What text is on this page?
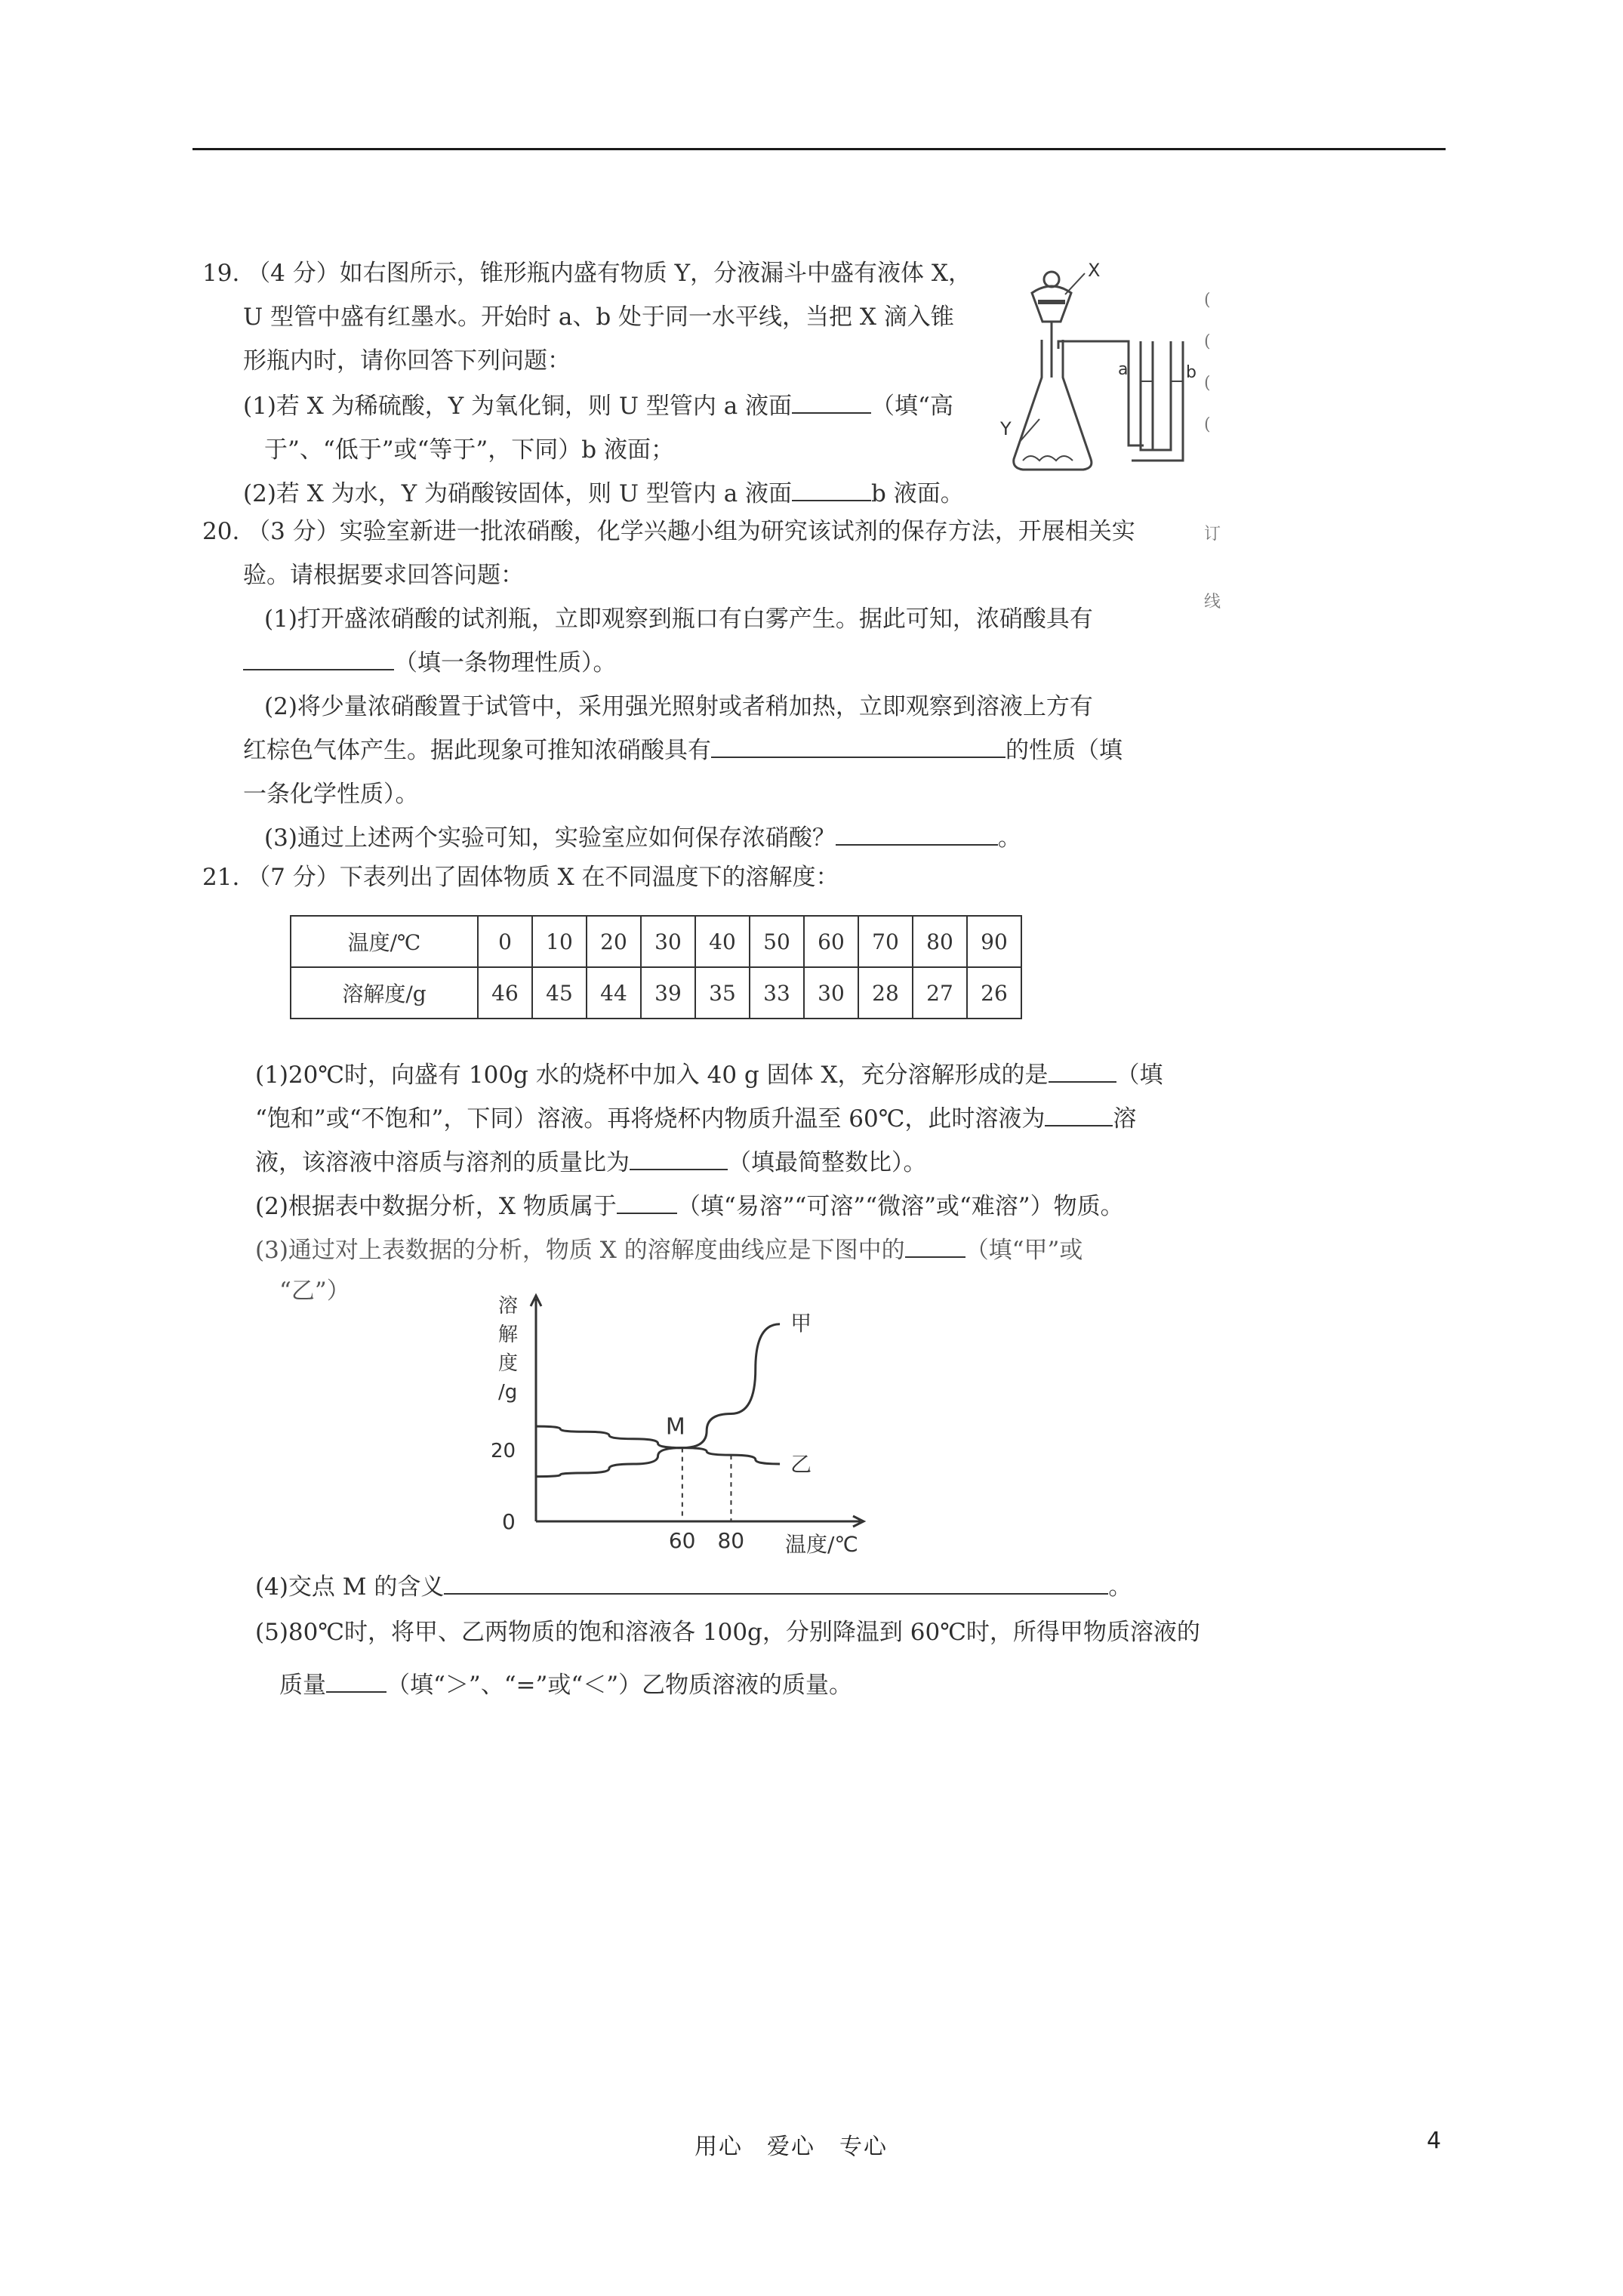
19. （4 分）如右图所示，锥形瓶内盛有物质 Y，分液漏斗中盛有液体 X，
U 型管中盛有红墨水。开始时 a、b 处于同一水平线，当把 X 滴入锥
形瓶内时，请你回答下列问题：
(1)若 X 为稀硫酸，Y 为氧化铜，则 U 型管内 a 液面	（填“高
于”、“低于”或“等于”，下同）b 液面；
(2)若 X 为水，Y 为硝酸铵固体，则 U 型管内 a 液面	b 液面。
X
Y
a	b
20. （3 分）实验室新进一批浓硝酸，化学兴趣小组为研究该试剂的保存方法，开展相关实
验。请根据要求回答问题：
(1)打开盛浓硝酸的试剂瓶，立即观察到瓶口有白雾产生。据此可知，浓硝酸具有
（填一条物理性质）。
(2)将少量浓硝酸置于试管中，采用强光照射或者稍加热，立即观察到溶液上方有
红棕色气体产生。据此现象可推知浓硝酸具有	的性质（填
一条化学性质）。
(3)通过上述两个实验可知，实验室应如何保存浓硝酸？	。
21. （7 分）下表列出了固体物质 X 在不同温度下的溶解度：
温度/℃	0	10	20	30	40	50	60	70	80	90
溶解度/g	46	45	44	39	35	33	30	28	27	26
(1)20℃时，向盛有 100g 水的烧杯中加入 40 g 固体 X，充分溶解形成的是	（填
“饱和”或“不饱和”，下同）溶液。再将烧杯内物质升温至 60℃，此时溶液为	溶
液，该溶液中溶质与溶剂的质量比为	（填最简整数比）。
(2)根据表中数据分析，X 物质属于	（填“易溶”“可溶”“微溶”或“难溶”）物质。
(3)通过对上表数据的分析，物质 X 的溶解度曲线应是下图中的	（填“甲”或
“乙”）
溶
解
度
/g
温度/℃
0
60 80
20
甲
乙
M
(4)交点 M 的含义	。
(5)80℃时，将甲、乙两物质的饱和溶液各 100g，分别降温到 60℃时，所得甲物质溶液的
质量	（填“＞”、“=”或“＜”）乙物质溶液的质量。
(
(
(
(
订
线
用心　爱心　专心	4
